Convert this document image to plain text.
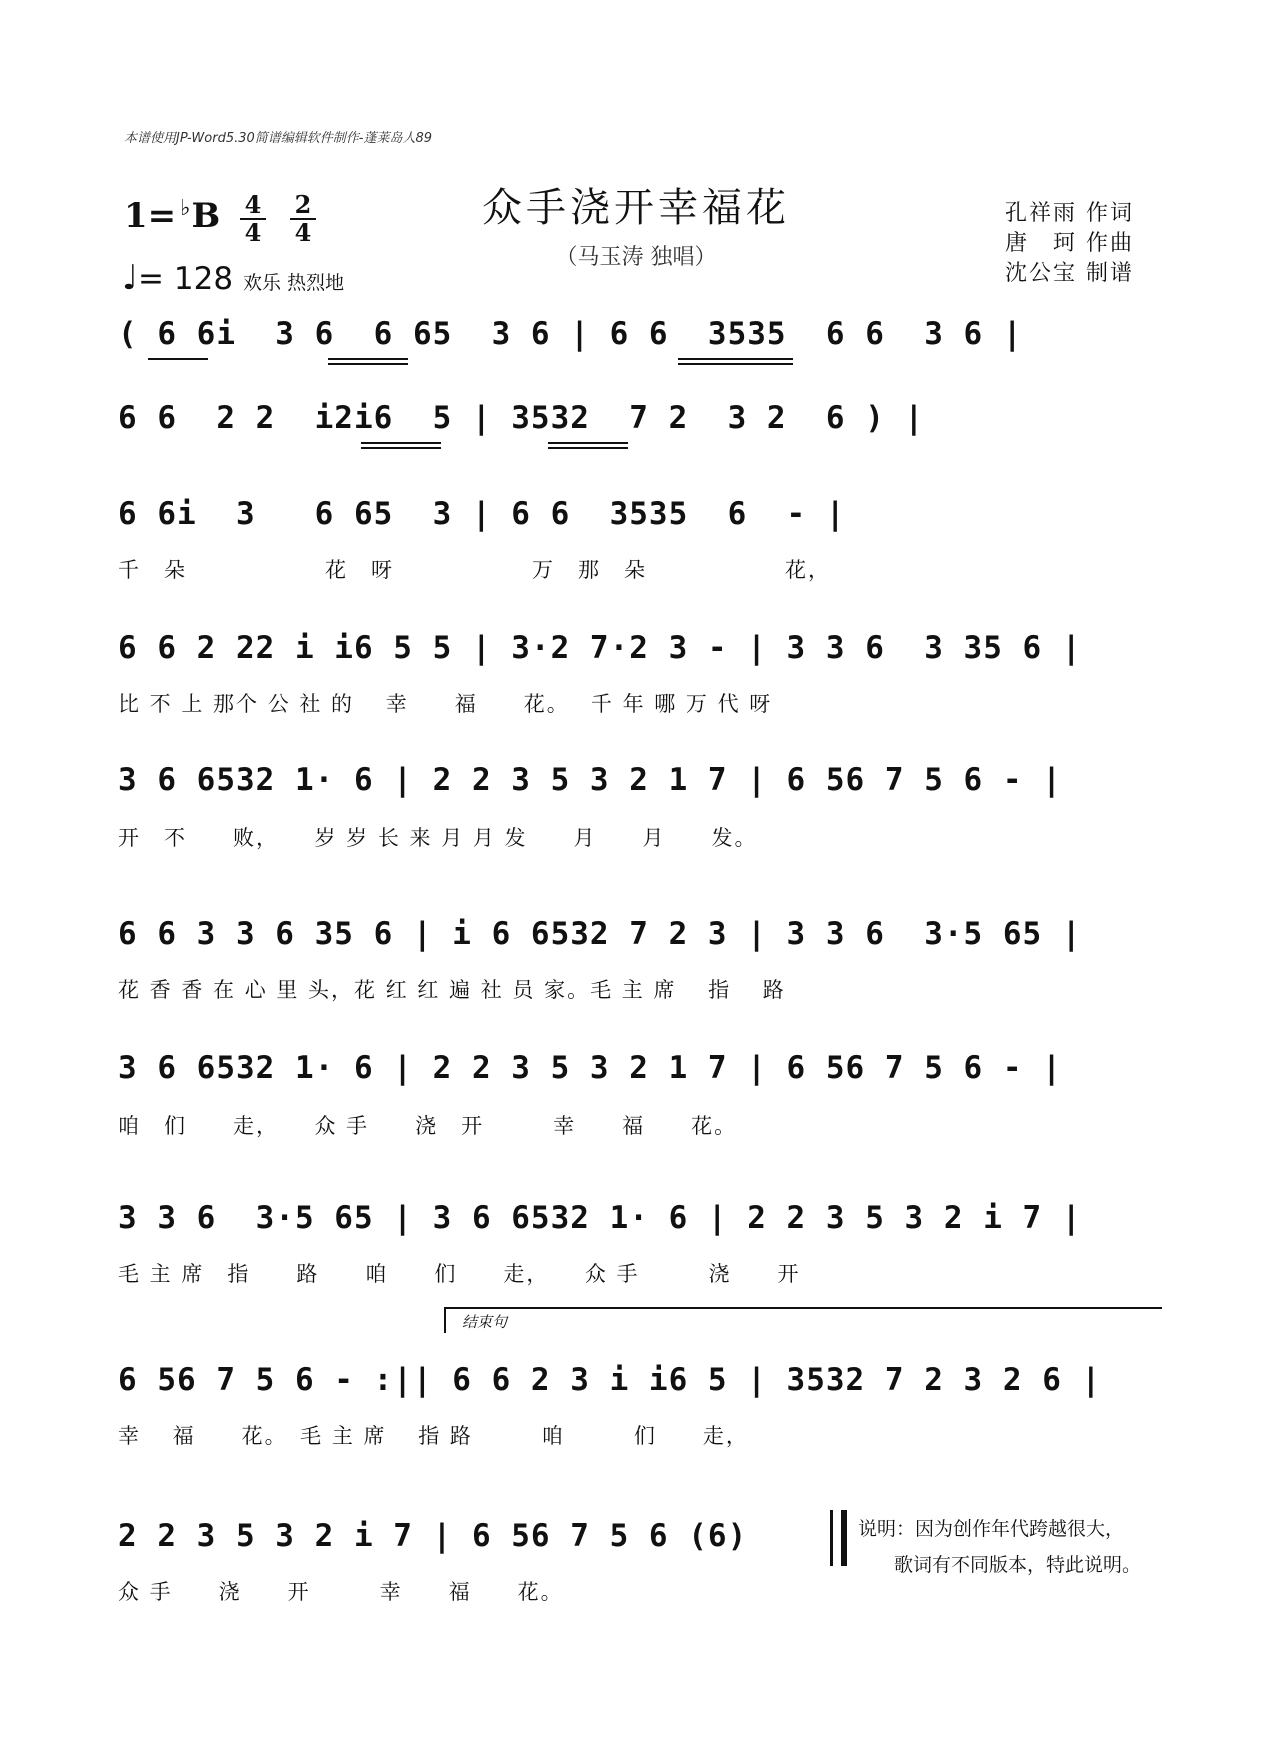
本谱使用JP-Word5.30简谱编辑软件制作-蓬莱岛人89
众手浇开幸福花
（马玉涛 独唱）
1= ♭B 4
4
2
4
♩= 128 欢乐 热烈地
孔祥雨 作词
唐　珂 作曲
沈公宝 制谱
( 6 6i  3 6  6 65  3 6 | 6 6  3535  6 6  3 6 |
6 6  2 2  i2i6  5 | 3532  7 2  3 2  6 ) |
6 6i  3   6 65  3 | 6 6  3535  6  - |
千　朵　　　　　　花　呀　　　　　　万　那　朵　　　　　　花，
6 6 2 22 i i6 5 5 | 3·2 7·2 3 - | 3 3 6  3 35 6 |
比 不 上 那个 公 社 的　 幸　　福　　花。　 千 年 哪 万 代 呀
3 6 6532 1· 6 | 2 2 3 5 3 2 1 7 | 6 56 7 5 6 - |
开　不　　败，　　岁 岁 长 来 月 月 发　　月　　月　　发。
6 6 3 3 6 35 6 | i 6 6532 7 2 3 | 3 3 6  3·5 65 |
花 香 香 在 心 里 头，花 红 红 遍 社 员 家。毛 主 席　 指　 路
3 6 6532 1· 6 | 2 2 3 5 3 2 1 7 | 6 56 7 5 6 - |
咱　们　　走，　　众 手　　浇　开　　　幸　　福　　花。
3 3 6  3·5 65 | 3 6 6532 1· 6 | 2 2 3 5 3 2 i 7 |
毛 主 席　指　　路　　咱　　们　　走，　　众 手　　　浇　　开
结束句
6 56 7 5 6 - :|| 6 6 2 3 i i6 5 | 3532 7 2 3 2 6 |
幸　 福　　花。　毛 主 席　 指 路　　　咱　　　们　　走，
2 2 3 5 3 2 i 7 | 6 56 7 5 6 (6)
众 手　　浇　　开　　　幸　　福　　花。
说明：因为创作年代跨越很大，
歌词有不同版本，特此说明。
